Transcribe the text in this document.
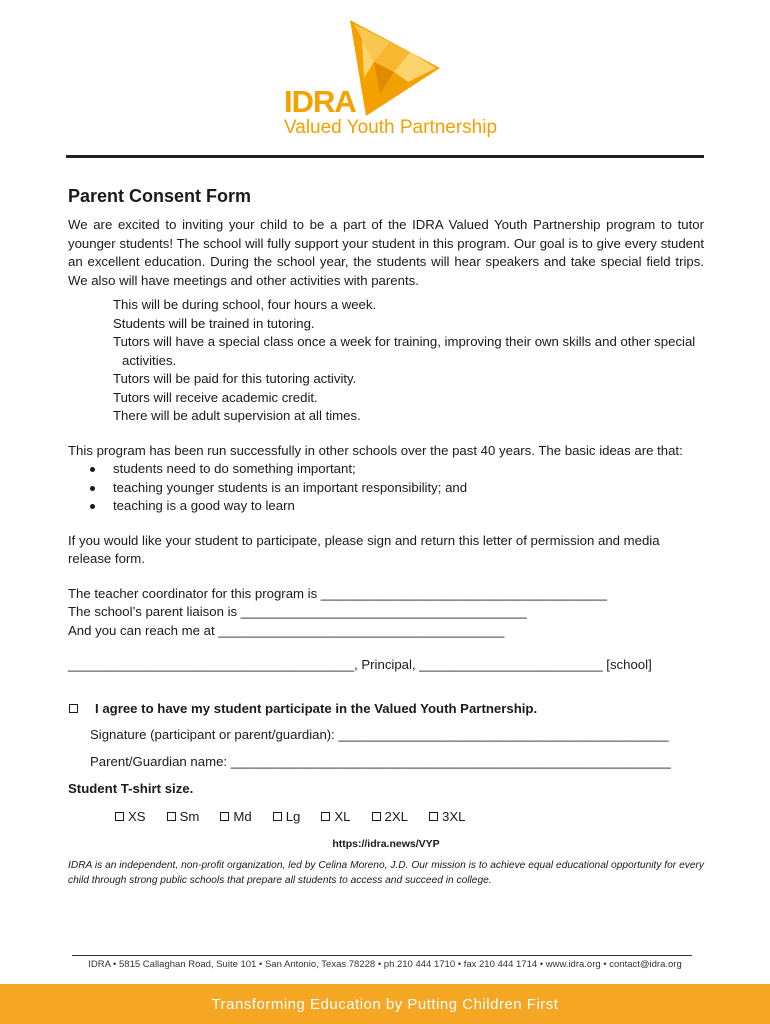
IDRA
Valued Youth Partnership
Parent Consent Form

We are excited to inviting your child to be a part of the IDRA Valued Youth Partnership program to tutor younger students! The school will fully support your student in this program. Our goal is to give every student an excellent education. During the school year, the students will hear speakers and take special field trips. We also will have meetings and other activities with parents.

This will be during school, four hours a week.
Students will be trained in tutoring.
Tutors will have a special class once a week for training, improving their own skills and other special activities.
Tutors will be paid for this tutoring activity.
Tutors will receive academic credit.
There will be adult supervision at all times.

This program has been run successfully in other schools over the past 40 years. The basic ideas are that:

students need to do something important;
teaching younger students is an important responsibility; and
teaching is a good way to learn

If you would like your student to participate, please sign and return this letter of permission and media release form.

The teacher coordinator for this program is _______________________________________

The school’s parent liaison is _______________________________________

And you can reach me at _______________________________________

_______________________________________, Principal, _________________________ [school]

I agree to have my student participate in the Valued Youth Partnership.
Signature (participant or parent/guardian): _____________________________________________
Parent/Guardian name: ____________________________________________________________
Student T-shirt size.
XS	Sm	Md	Lg	XL	2XL	3XL
https://idra.news/VYP

IDRA is an independent, non-profit organization, led by Celina Moreno, J.D. Our mission is to achieve equal educational opportunity for every child through strong public schools that prepare all students to access and succeed in college.

IDRA • 5815 Callaghan Road, Suite 101 • San Antonio, Texas 78228 • ph 210 444 1710 • fax 210 444 1714 • www.idra.org • contact@idra.org
Transforming Education by Putting Children First
